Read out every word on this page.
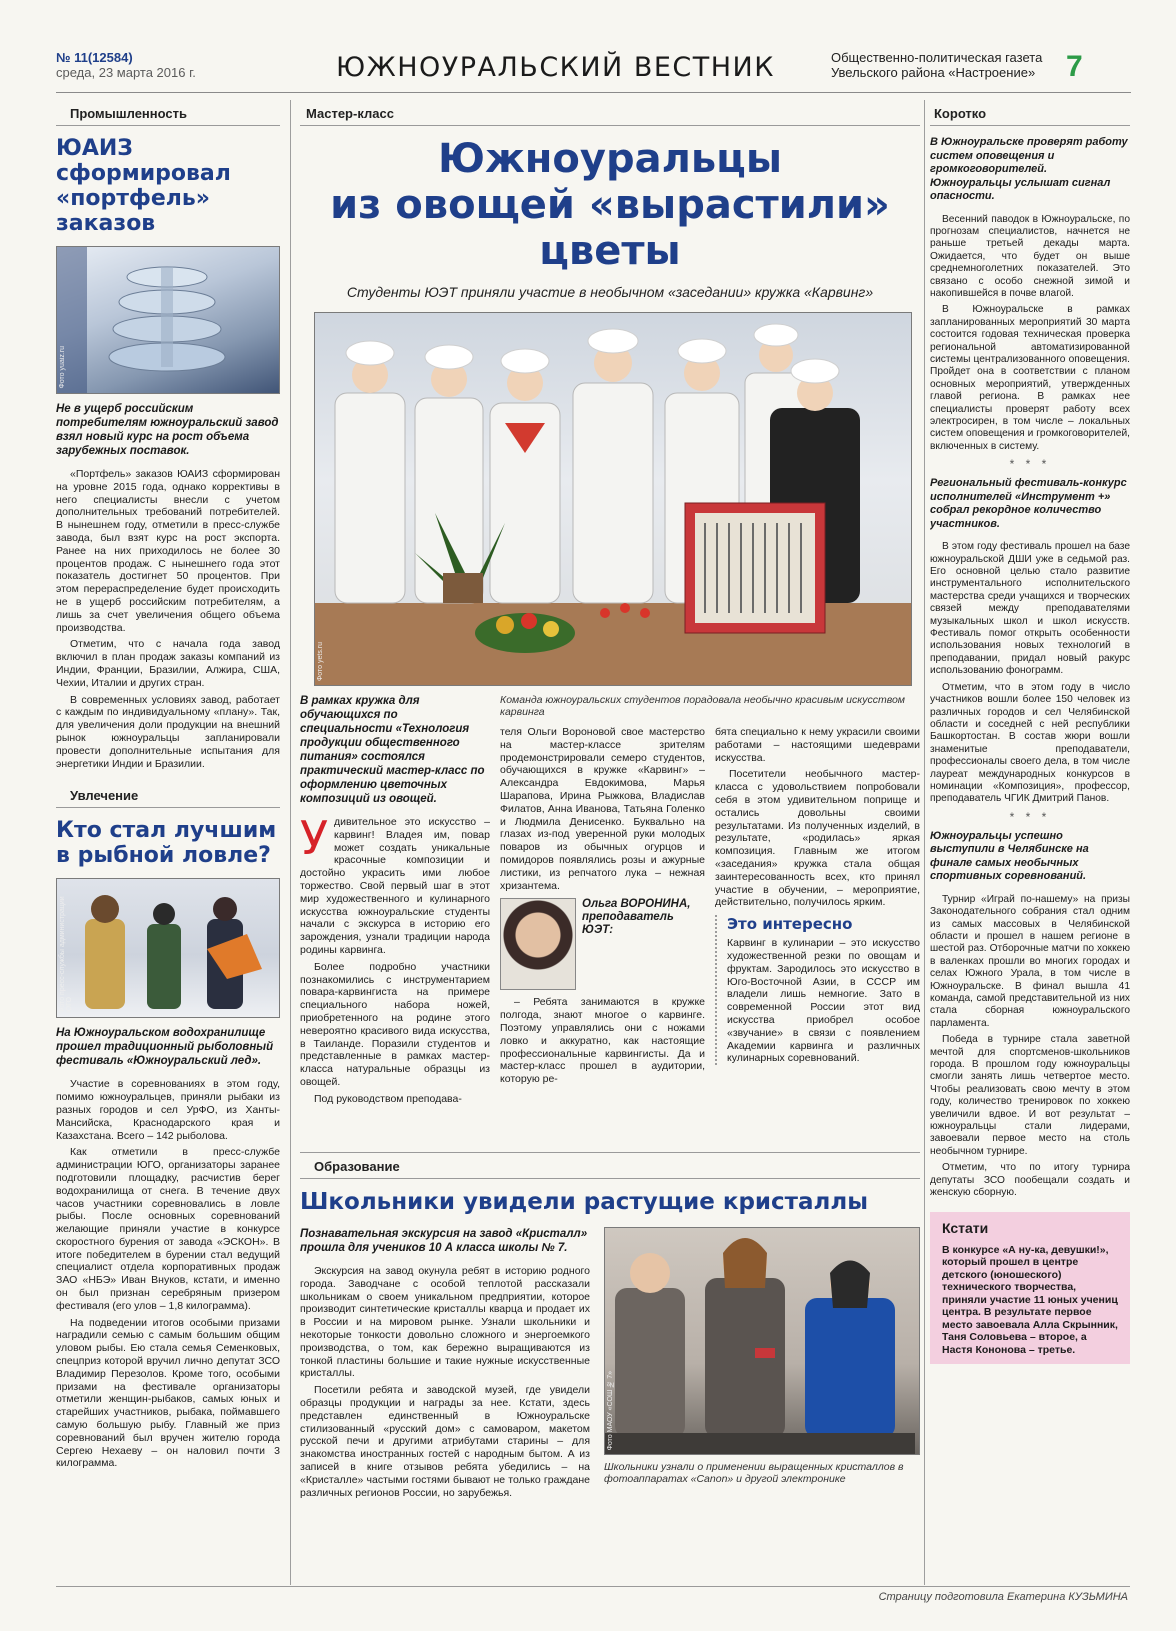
№ 11(12584)
среда, 23 марта 2016 г.	ЮЖНОУРАЛЬСКИЙ ВЕСТНИК	Общественно-политическая газета
Увельского района «Настроение» 7
Промышленность
ЮАИЗ сформировал «портфель» заказов
Фото yuaiz.ru
Не в ущерб российским потребителям южноуральский завод взял новый курс на рост объема зарубежных поставок.

«Портфель» заказов ЮАИЗ сформирован на уровне 2015 года, однако коррективы в него специалисты внесли с учетом дополнительных требований потребителей. В нынешнем году, отметили в пресс-службе завода, был взят курс на рост экспорта. Ранее на них приходилось не более 30 процентов продаж. С нынешнего года этот показатель достигнет 50 процентов. При этом перераспределение будет происходить не в ущерб российским потребителям, а лишь за счет увеличения общего объема производства.

Отметим, что с начала года завод включил в план продаж заказы компаний из Индии, Франции, Бразилии, Алжира, США, Чехии, Италии и других стран.

В современных условиях завод, работает с каждым по индивидуальному «плану». Так, для увеличения доли продукции на внешний рынок южноуральцы запланировали провести дополнительные испытания для энергетики Индии и Бразилии.

Увлечение
Кто стал лучшим в рыбной ловле?
Фото пресс-службы администрации ЮГО
На Южноуральском водохранилище прошел традиционный рыболовный фестиваль «Южноуральский лед».

Участие в соревнованиях в этом году, помимо южноуральцев, приняли рыбаки из разных городов и сел УрФО, из Ханты-Мансийска, Краснодарского края и Казахстана. Всего – 142 рыболова.

Как отметили в пресс-службе администрации ЮГО, организаторы заранее подготовили площадку, расчистив берег водохранилища от снега. В течение двух часов участники соревновались в ловле рыбы. После основных соревнований желающие приняли участие в конкурсе скоростного бурения от завода «ЭСКОН». В итоге победителем в бурении стал ведущий специалист отдела корпоративных продаж ЗАО «НБЭ» Иван Внуков, кстати, и именно он был признан серебряным призером фестиваля (его улов – 1,8 килограмма).

На подведении итогов особыми призами наградили семью с самым большим общим уловом рыбы. Ею стала семья Семенковых, спецприз которой вручил лично депутат ЗСО Владимир Перезолов. Кроме того, особыми призами на фестивале организаторы отметили женщин-рыбаков, самых юных и старейших участников, рыбака, поймавшего самую большую рыбу. Главный же приз соревнований был вручен жителю города Сергею Нехаеву – он наловил почти 3 килограмма.

Мастер-класс
Южноуральцы
из овощей «вырастили» цветы
Студенты ЮЭТ приняли участие в необычном «заседании» кружка «Карвинг»
Фото yets.ru
В рамках кружка для обучающихся по специальности «Технология продукции общественного питания» состоялся практический мастер-класс по оформлению цветочных композиций из овощей.

Удивительное это искусство – карвинг! Владея им, повар может создать уникальные красочные композиции и достойно украсить ими любое торжество. Свой первый шаг в этот мир художественного и кулинарного искусства южноуральские студенты начали с экскурса в историю его зарождения, узнали традиции народа родины карвинга.

Более подробно участники познакомились с инструментарием повара-карвингиста на примере специального набора ножей, приобретенного на родине этого невероятно красивого вида искусства, в Таиланде. Поразили студентов и представленные в рамках мастер-класса натуральные образцы из овощей.

Под руководством преподава-

Команда южноуральских студентов порадовала необычно красивым искусством карвинга

теля Ольги Вороновой свое мастерство на мастер-классе зрителям продемонстрировали семеро студентов, обучающихся в кружке «Карвинг» – Александра Евдокимова, Марья Шарапова, Ирина Рыжкова, Владислав Филатов, Анна Иванова, Татьяна Голенко и Людмила Денисенко. Буквально на глазах из-под уверенной руки молодых поваров из обычных огурцов и помидоров появлялись розы и ажурные листики, из репчатого лука – нежная хризантема.

Ольга ВОРОНИНА, преподаватель ЮЭТ:

– Ребята занимаются в кружке полгода, знают многое о карвинге. Поэтому управлялись они с ножами ловко и аккуратно, как настоящие профессиональные карвингисты. Да и мастер-класс прошел в аудитории, которую ре-

бята специально к нему украсили своими работами – настоящими шедеврами искусства.

Посетители необычного мастер-класса с удовольствием попробовали себя в этом удивительном поприще и остались довольны своими результатами. Из полученных изделий, в результате, «родилась» яркая композиция. Главным же итогом «заседания» кружка стала общая заинтересованность всех, кто принял участие в обучении, – мероприятие, действительно, получилось ярким.

Это интересно

Карвинг в кулинарии – это искусство художественной резки по овощам и фруктам. Зародилось это искусство в Юго-Восточной Азии, в СССР им владели лишь немногие. Зато в современной России этот вид искусства приобрел особое «звучание» в связи с появлением Академии карвинга и различных кулинарных соревнований.

Образование
Школьники увидели растущие кристаллы
Познавательная экскурсия на завод «Кристалл» прошла для учеников 10 А класса школы № 7.

Экскурсия на завод окунула ребят в историю родного города. Заводчане с особой теплотой рассказали школьникам о своем уникальном предприятии, которое производит синтетические кристаллы кварца и продает их в России и на мировом рынке. Узнали школьники и некоторые тонкости довольно сложного и энергоемкого производства, о том, как бережно выращиваются из тонкой пластины большие и такие нужные искусственные кристаллы.

Посетили ребята и заводской музей, где увидели образцы продукции и награды за нее. Кстати, здесь представлен единственный в Южноуральске стилизованный «русский дом» с самоваром, макетом русской печи и другими атрибутами старины – для знакомства иностранных гостей с народным бытом. А из записей в книге отзывов ребята убедились – на «Кристалле» частыми гостями бывают не только граждане различных регионов России, но зарубежья.

Фото МАОУ «СОШ № 7»
Школьники узнали о применении выращенных кристаллов в фотоаппаратах «Canon» и другой электронике
Коротко
В Южноуральске проверят работу систем оповещения и громкоговорителей. Южноуральцы услышат сигнал опасности.

Весенний паводок в Южноуральске, по прогнозам специалистов, начнется не раньше третьей декады марта. Ожидается, что будет он выше среднемноголетних показателей. Это связано с особо снежной зимой и накопившейся в почве влагой.

В Южноуральске в рамках запланированных мероприятий 30 марта состоится годовая техническая проверка региональной автоматизированной системы централизованного оповещения. Пройдет она в соответствии с планом основных мероприятий, утвержденных главой региона. В рамках нее специалисты проверят работу всех электросирен, в том числе – локальных систем оповещения и громкоговорителей, включенных в систему.

* * *
Региональный фестиваль-конкурс исполнителей «Инструмент +» собрал рекордное количество участников.

В этом году фестиваль прошел на базе южноуральской ДШИ уже в седьмой раз. Его основной целью стало развитие инструментального исполнительского мастерства среди учащихся и творческих связей между преподавателями музыкальных школ и школ искусств. Фестиваль помог открыть особенности использования новых технологий в преподавании, придал новый ракурс использованию фонограмм.

Отметим, что в этом году в число участников вошли более 150 человек из различных городов и сел Челябинской области и соседней с ней республики Башкортостан. В состав жюри вошли знаменитые преподаватели, профессионалы своего дела, в том числе лауреат международных конкурсов в номинации «Композиция», профессор, преподаватель ЧГИК Дмитрий Панов.

* * *
Южноуральцы успешно выступили в Челябинске на финале самых необычных спортивных соревнований.

Турнир «Играй по-нашему» на призы Законодательного собрания стал одним из самых массовых в Челябинской области и прошел в нашем регионе в шестой раз. Отборочные матчи по хоккею в валенках прошли во многих городах и селах Южного Урала, в том числе в Южноуральске. В финал вышла 41 команда, самой представительной из них стала сборная южноуральского парламента.

Победа в турнире стала заветной мечтой для спортсменов-школьников города. В прошлом году южноуральцы смогли занять лишь четвертое место. Чтобы реализовать свою мечту в этом году, количество тренировок по хоккею увеличили вдвое. И вот результат – южноуральцы стали лидерами, завоевали первое место на столь необычном турнире.

Отметим, что по итогу турнира депутаты ЗСО пообещали создать и женскую сборную.

Кстати
В конкурсе «А ну-ка, девушки!», который прошел в центре детского (юношеского) технического творчества, приняли участие 11 юных учениц центра. В результате первое место завоевала Алла Скрынник, Таня Соловьева – второе, а Настя Кононова – третье.
Страницу подготовила Екатерина КУЗЬМИНА
